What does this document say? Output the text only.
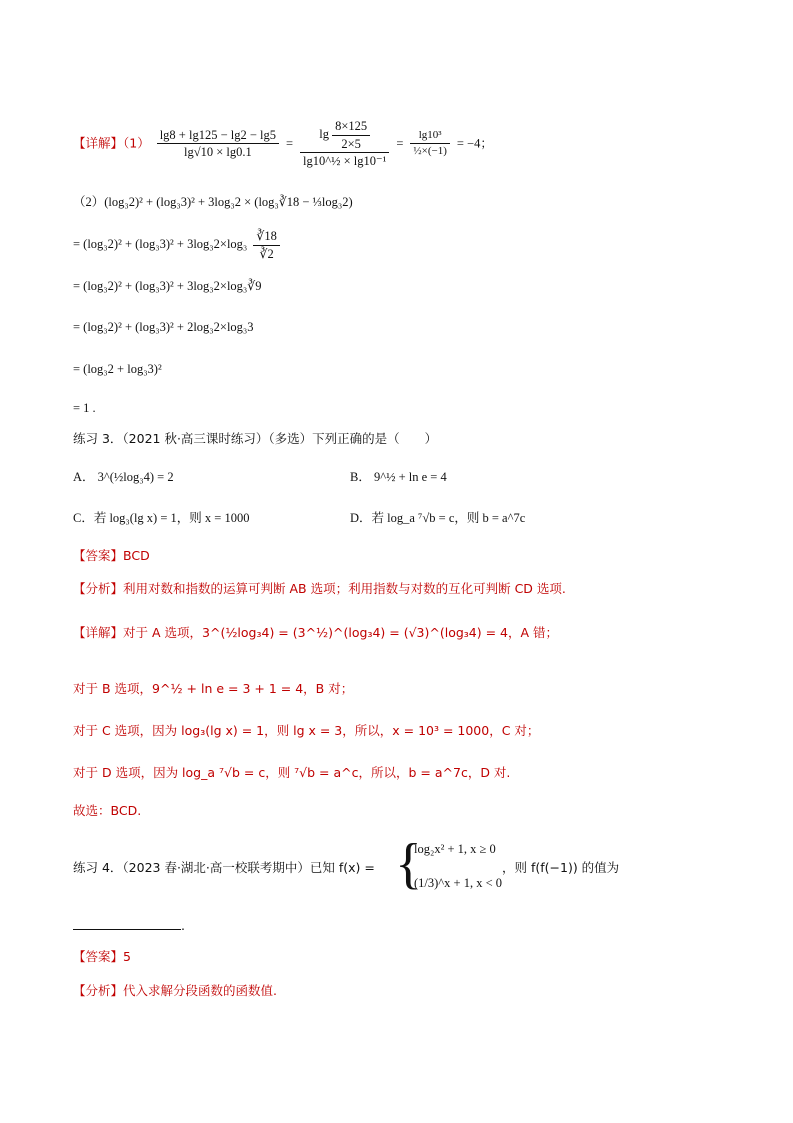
【详解】$(1) \frac{\lg 8 + \lg 125 - \lg 2 - \lg 5}{\lg√10 \times \lg 0.1} = \frac{\lg \frac{8\times 125}{2\times 5}}{\text{lg10\textasciicircum{}½ × lg10⁻¹}} = \frac{\text{lg10³}}{\text{½×(−1)}} = -4$；
（2）(log₃2)² + (log₃3)² + 3log₃2 × (log₃∛18 − ⅓log₃2)
= $(\log_32)^2 + (\log_33)^2 + 3\log_32\times\log_3 \frac{∛18}{∛2}$
= (log₃2)² + (log₃3)² + 3log₃2×log₃∛9
= (log₃2)² + (log₃3)² + 2log₃2×log₃3
= (log₃2 + log₃3)²
= 1 .
练习 3．（2021 秋·高三课时练习）（多选）下列正确的是（　　）
A． 3^(½log₃4) = 2	B． 9^½ + ln e = 4
C．若 log₃(lg x) = 1，则 x = 1000	D．若 log_a ⁷√b = c，则 b = a^7c
【答案】BCD
【分析】利用对数和指数的运算可判断 AB 选项；利用指数与对数的互化可判断 CD 选项.
【详解】对于 A 选项，3^(½log₃4) = (3^½)^(log₃4) = (√3)^(log₃4) = 4，A 错；
对于 B 选项，9^½ + ln e = 3 + 1 = 4，B 对；
对于 C 选项，因为 log₃(lg x) = 1，则 lg x = 3，所以，x = 10³ = 1000，C 对；
对于 D 选项，因为 log_a ⁷√b = c，则 ⁷√b = a^c，所以，b = a^7c，D 对.
故选：BCD.
练习 4．（2023 春·湖北·高一校联考期中）已知 f(x) = {
log₂x² + 1, x ≥ 0
(1/3)^x + 1, x < 0
，则 f(f(−1)) 的值为
.
【答案】5
【分析】代入求解分段函数的函数值.
